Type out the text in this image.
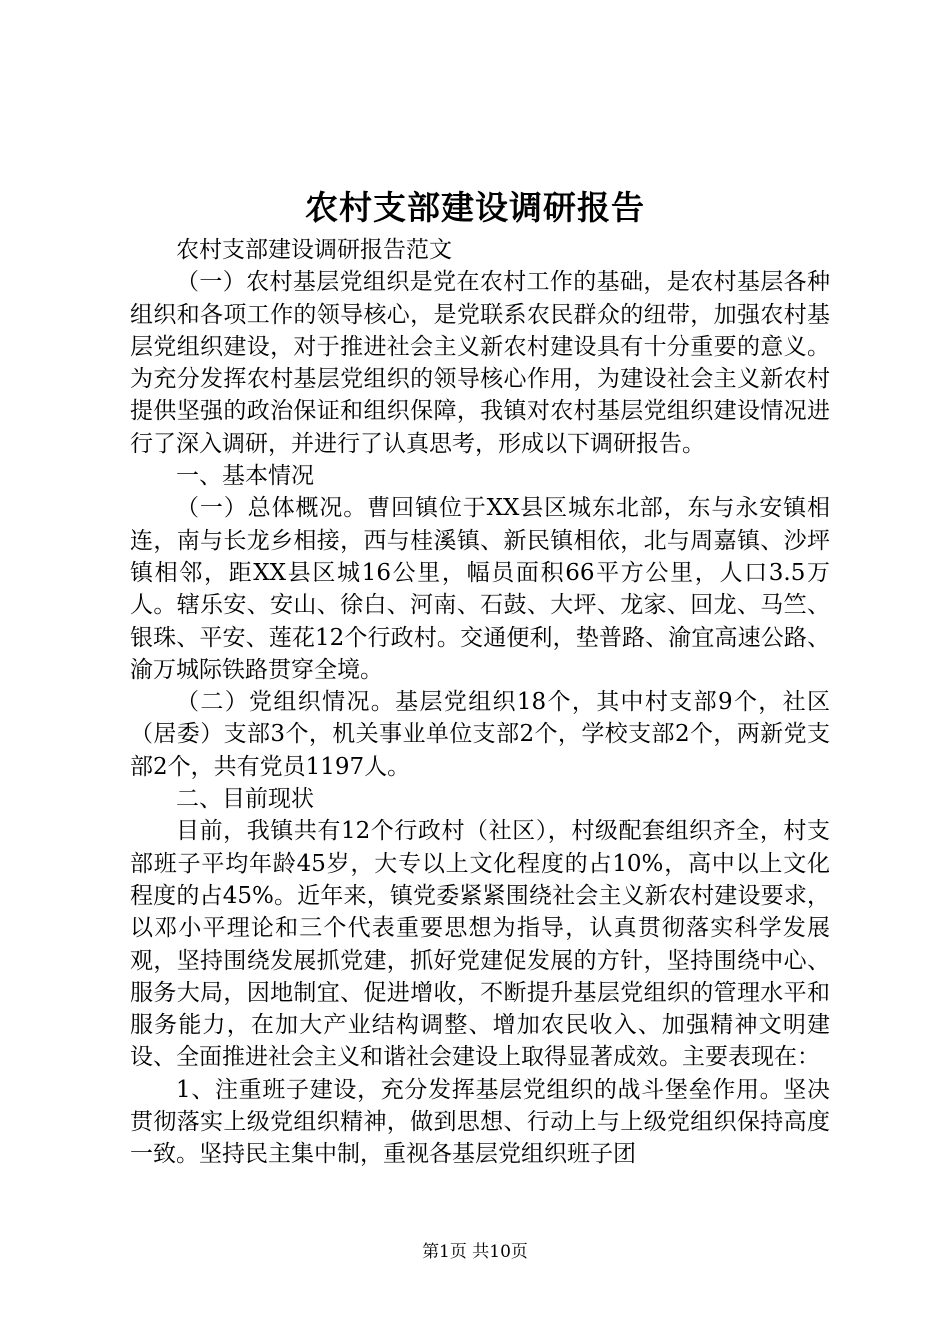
农村支部建设调研报告

农村支部建设调研报告范文

（一）农村基层党组织是党在农村工作的基础，是农村基层各种组织和各项工作的领导核心，是党联系农民群众的纽带，加强农村基层党组织建设，对于推进社会主义新农村建设具有十分重要的意义。为充分发挥农村基层党组织的领导核心作用，为建设社会主义新农村提供坚强的政治保证和组织保障，我镇对农村基层党组织建设情况进行了深入调研，并进行了认真思考，形成以下调研报告。

一、基本情况

（一）总体概况。曹回镇位于XX县区城东北部，东与永安镇相连，南与长龙乡相接，西与桂溪镇、新民镇相依，北与周嘉镇、沙坪镇相邻，距XX县区城16公里，幅员面积66平方公里，人口3.5万人。辖乐安、安山、徐白、河南、石鼓、大坪、龙家、回龙、马竺、银珠、平安、莲花12个行政村。交通便利，垫普路、渝宜高速公路、渝万城际铁路贯穿全境。

（二）党组织情况。基层党组织18个，其中村支部9个，社区（居委）支部3个，机关事业单位支部2个，学校支部2个，两新党支部2个，共有党员1197人。

二、目前现状

目前，我镇共有12个行政村（社区），村级配套组织齐全，村支部班子平均年龄45岁，大专以上文化程度的占10%，高中以上文化程度的占45%。近年来，镇党委紧紧围绕社会主义新农村建设要求，以邓小平理论和三个代表重要思想为指导，认真贯彻落实科学发展观，坚持围绕发展抓党建，抓好党建促发展的方针，坚持围绕中心、服务大局，因地制宜、促进增收，不断提升基层党组织的管理水平和服务能力，在加大产业结构调整、增加农民收入、加强精神文明建设、全面推进社会主义和谐社会建设上取得显著成效。主要表现在：

1、注重班子建设，充分发挥基层党组织的战斗堡垒作用。坚决贯彻落实上级党组织精神，做到思想、行动上与上级党组织保持高度一致。坚持民主集中制，重视各基层党组织班子团

第1页 共10页
